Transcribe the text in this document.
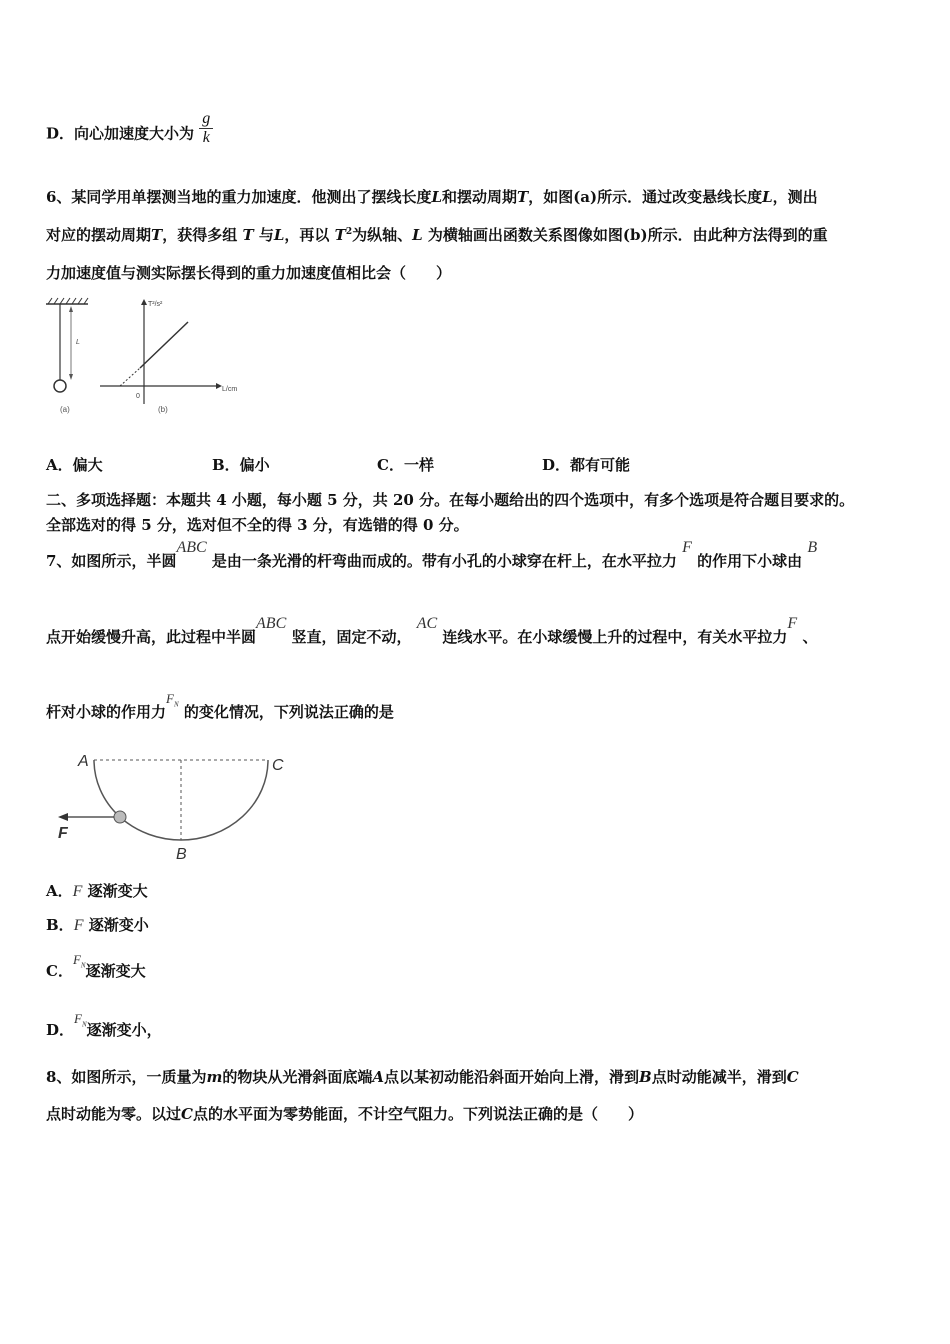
D．向心加速度大小为 $\frac{g}{k}$
6、某同学用单摆测当地的重力加速度．他测出了摆线长度L和摆动周期T，如图(a)所示．通过改变悬线长度L，测出
对应的摆动周期T，获得多组 T 与L，再以 $T^2$为纵轴、L 为横轴画出函数关系图像如图(b)所示．由此种方法得到的重
力加速度值与测实际摆长得到的重力加速度值相比会（　　）
L
(a)
T²/s²
L/cm
0
(b)
A．偏大	B．偏小	C．一样	D．都有可能
二、多项选择题：本题共 4 小题，每小题 5 分，共 20 分。在每小题给出的四个选项中，有多个选项是符合题目要求的。
全部选对的得 5 分，选对但不全的得 3 分，有选错的得 0 分。
7、如图所示，半圆ABC 是由一条光滑的杆弯曲而成的。带有小孔的小球穿在杆上，在水平拉力 F 的作用下小球由 B
点开始缓慢升高，此过程中半圆ABC 竖直，固定不动， AC 连线水平。在小球缓慢上升的过程中，有关水平拉力F 、
杆对小球的作用力$F_N$ 的变化情况，下列说法正确的是
A	C
B
F
A．F 逐渐变大
B．F 逐渐变小
C．$F_N$逐渐变大
D．$F_N$逐渐变小，
8、如图所示，一质量为m的物块从光滑斜面底端A点以某初动能沿斜面开始向上滑，滑到B点时动能减半，滑到C
点时动能为零。以过C点的水平面为零势能面，不计空气阻力。下列说法正确的是（　　）
